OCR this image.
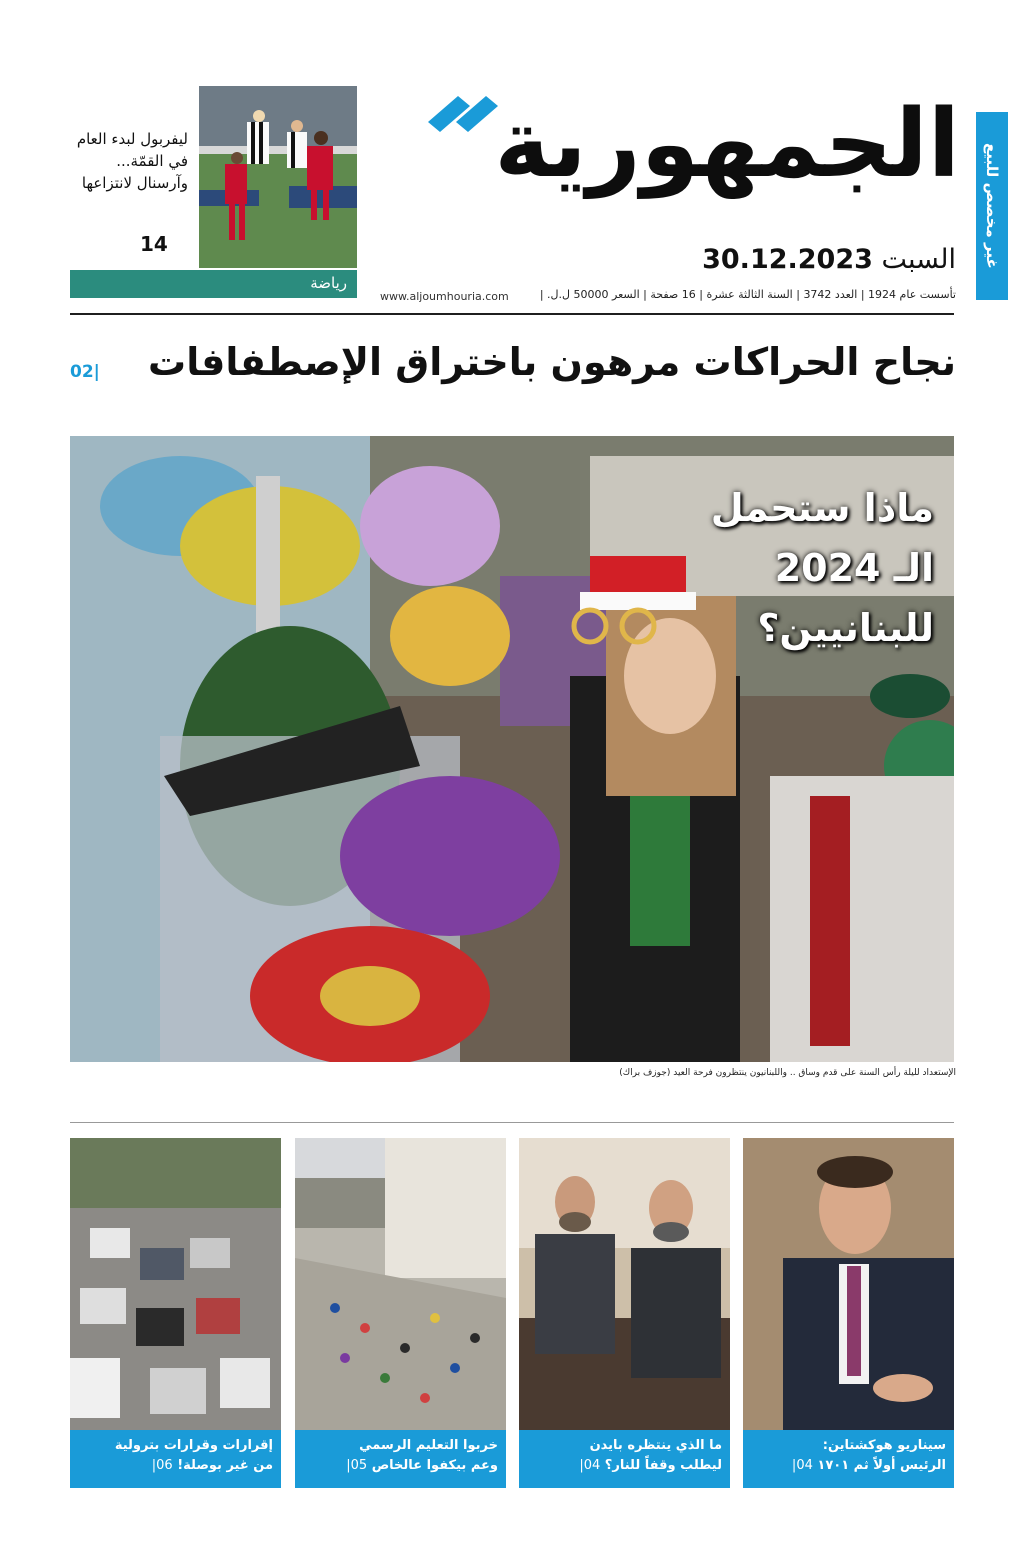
غير مخصص للبيع
الجمهورية
السبت 30.12.2023
تأسست عام 1924 | العدد 3742 | السنة الثالثة عشرة | 16 صفحة | السعر 50000 ل.ل. |
www.aljoumhouria.com
ليفربول لبدء العام في القمّة... وآرسنال لانتزاعها
14
رياضة
نجاح الحراكات مرهون باختراق الإصطفافات
02|
ماذا ستحمل
الـ 2024
للبنانيين؟
الإستعداد لليلة رأس السنة على قدم وساق .. واللبنانيون ينتظرون فرحة العيد (جوزف براك)
سيناريو هوكشتاين:
الرئيس أولاً ثم ١٧٠١ 04|
ما الذي ينتظره بايدن
ليطلب وقفاً للنار؟ 04|
خربوا التعليم الرسمي
وعم بيكفوا عالخاص 05|
إقرارات وقرارات بترولية
من غير بوصلة! 06|
